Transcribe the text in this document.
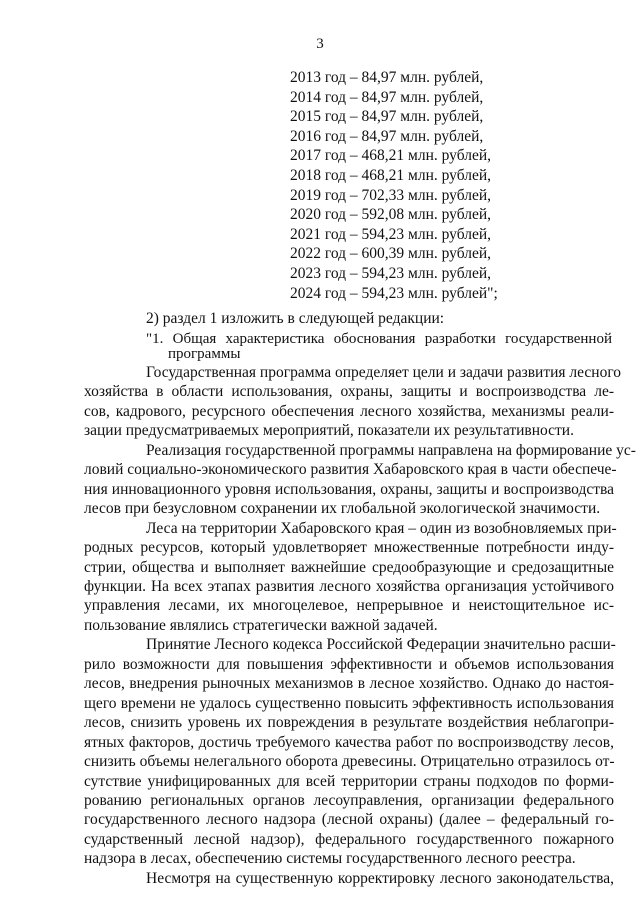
3
2013 год – 84,97 млн. рублей,
2014 год – 84,97 млн. рублей,
2015 год – 84,97 млн. рублей,
2016 год – 84,97 млн. рублей,
2017 год – 468,21 млн. рублей,
2018 год – 468,21 млн. рублей,
2019 год – 702,33 млн. рублей,
2020 год – 592,08 млн. рублей,
2021 год – 594,23 млн. рублей,
2022 год – 600,39 млн. рублей,
2023 год – 594,23 млн. рублей,
2024 год – 594,23 млн. рублей";
2) раздел 1 изложить в следующей редакции:
"1. Общая характеристика обоснования разработки государственной
программы

Государственная программа определяет цели и задачи развития лесного
хозяйства в области использования, охраны, защиты и воспроизводства ле-
сов, кадрового, ресурсного обеспечения лесного хозяйства, механизмы реали-
зации предусматриваемых мероприятий, показатели их результативности.

Реализация государственной программы направлена на формирование ус-
ловий социально-экономического развития Хабаровского края в части обеспече-
ния инновационного уровня использования, охраны, защиты и воспроизводства
лесов при безусловном сохранении их глобальной экологической значимости.

Леса на территории Хабаровского края – один из возобновляемых при-
родных ресурсов, который удовлетворяет множественные потребности инду-
стрии, общества и выполняет важнейшие средообразующие и средозащитные
функции. На всех этапах развития лесного хозяйства организация устойчивого
управления лесами, их многоцелевое, непрерывное и неистощительное ис-
пользование являлись стратегически важной задачей.

Принятие Лесного кодекса Российской Федерации значительно расши-
рило возможности для повышения эффективности и объемов использования
лесов, внедрения рыночных механизмов в лесное хозяйство. Однако до настоя-
щего времени не удалось существенно повысить эффективность использования
лесов, снизить уровень их повреждения в результате воздействия неблагопри-
ятных факторов, достичь требуемого качества работ по воспроизводству лесов,
снизить объемы нелегального оборота древесины. Отрицательно отразилось от-
сутствие унифицированных для всей территории страны подходов по форми-
рованию региональных органов лесоуправления, организации федерального
государственного лесного надзора (лесной охраны) (далее – федеральный го-
сударственный лесной надзор), федерального государственного пожарного
надзора в лесах, обеспечению системы государственного лесного реестра.

Несмотря на существенную корректировку лесного законодательства,
